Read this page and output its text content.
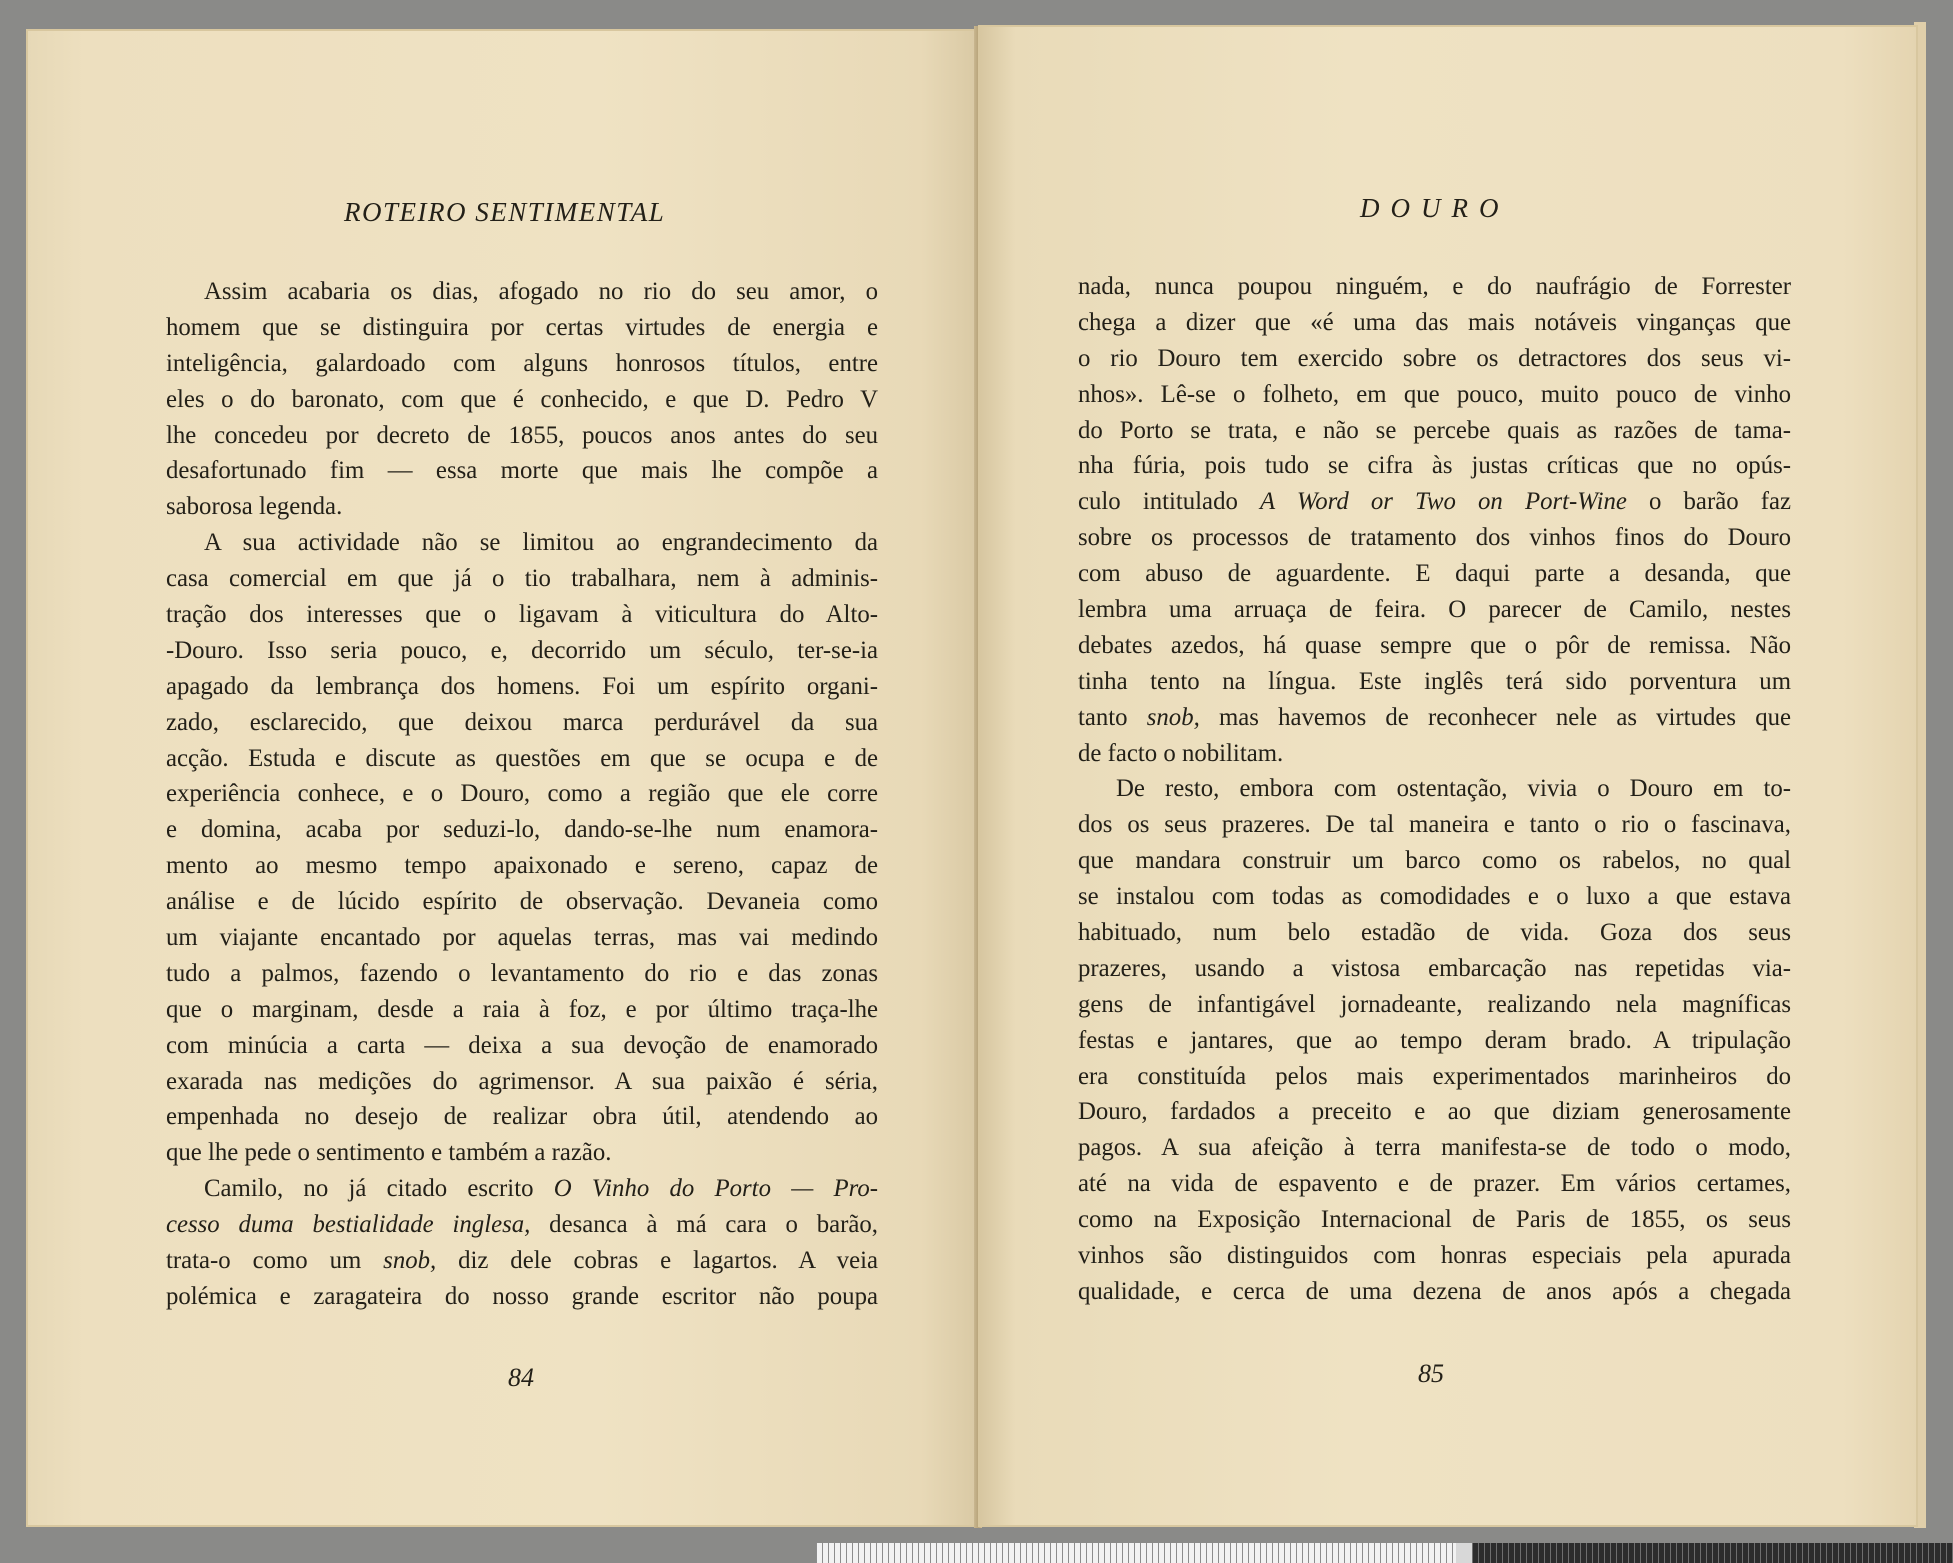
ROTEIRO SENTIMENTAL

Assim acabaria os dias, afogado no rio do seu amor, o
homem que se distinguira por certas virtudes de energia e
inteligência, galardoado com alguns honrosos títulos, entre
eles o do baronato, com que é conhecido, e que D. Pedro V
lhe concedeu por decreto de 1855, poucos anos antes do seu
desafortunado fim — essa morte que mais lhe compõe a
saborosa legenda.
A sua actividade não se limitou ao engrandecimento da
casa comercial em que já o tio trabalhara, nem à adminis-
tração dos interesses que o ligavam à viticultura do Alto-
-Douro. Isso seria pouco, e, decorrido um século, ter-se-ia
apagado da lembrança dos homens. Foi um espírito organi-
zado, esclarecido, que deixou marca perdurável da sua
acção. Estuda e discute as questões em que se ocupa e de
experiência conhece, e o Douro, como a região que ele corre
e domina, acaba por seduzi-lo, dando-se-lhe num enamora-
mento ao mesmo tempo apaixonado e sereno, capaz de
análise e de lúcido espírito de observação. Devaneia como
um viajante encantado por aquelas terras, mas vai medindo
tudo a palmos, fazendo o levantamento do rio e das zonas
que o marginam, desde a raia à foz, e por último traça-lhe
com minúcia a carta — deixa a sua devoção de enamorado
exarada nas medições do agrimensor. A sua paixão é séria,
empenhada no desejo de realizar obra útil, atendendo ao
que lhe pede o sentimento e também a razão.
Camilo, no já citado escrito O Vinho do Porto — Pro-
cesso duma bestialidade inglesa, desanca à má cara o barão,
trata-o como um snob, diz dele cobras e lagartos. A veia
polémica e zaragateira do nosso grande escritor não poupa

84

DOURO

nada, nunca poupou ninguém, e do naufrágio de Forrester
chega a dizer que «é uma das mais notáveis vinganças que
o rio Douro tem exercido sobre os detractores dos seus vi-
nhos». Lê-se o folheto, em que pouco, muito pouco de vinho
do Porto se trata, e não se percebe quais as razões de tama-
nha fúria, pois tudo se cifra às justas críticas que no opús-
culo intitulado A Word or Two on Port-Wine o barão faz
sobre os processos de tratamento dos vinhos finos do Douro
com abuso de aguardente. E daqui parte a desanda, que
lembra uma arruaça de feira. O parecer de Camilo, nestes
debates azedos, há quase sempre que o pôr de remissa. Não
tinha tento na língua. Este inglês terá sido porventura um
tanto snob, mas havemos de reconhecer nele as virtudes que
de facto o nobilitam.
De resto, embora com ostentação, vivia o Douro em to-
dos os seus prazeres. De tal maneira e tanto o rio o fascinava,
que mandara construir um barco como os rabelos, no qual
se instalou com todas as comodidades e o luxo a que estava
habituado, num belo estadão de vida. Goza dos seus
prazeres, usando a vistosa embarcação nas repetidas via-
gens de infantigável jornadeante, realizando nela magníficas
festas e jantares, que ao tempo deram brado. A tripulação
era constituída pelos mais experimentados marinheiros do
Douro, fardados a preceito e ao que diziam generosamente
pagos. A sua afeição à terra manifesta-se de todo o modo,
até na vida de espavento e de prazer. Em vários certames,
como na Exposição Internacional de Paris de 1855, os seus
vinhos são distinguidos com honras especiais pela apurada
qualidade, e cerca de uma dezena de anos após a chegada

85
